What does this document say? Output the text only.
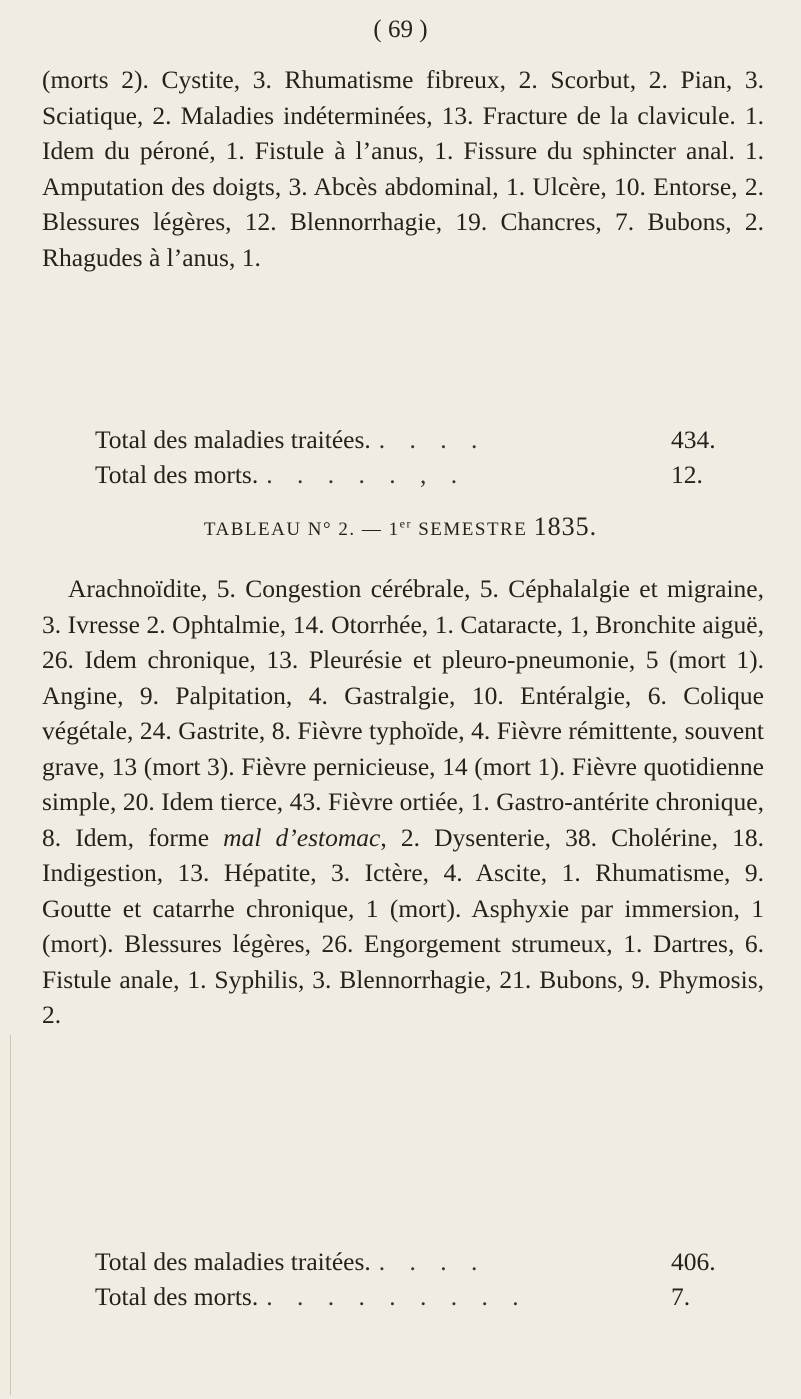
( 69 )
(morts 2). Cystite, 3. Rhumatisme fibreux, 2. Scorbut, 2. Pian, 3. Sciatique, 2. Maladies indéterminées, 13. Fracture de la clavicule. 1. Idem du péroné, 1. Fistule à l’anus, 1. Fissure du sphincter anal. 1. Amputation des doigts, 3. Abcès abdominal, 1. Ulcère, 10. Entorse, 2. Blessures légères, 12. Blennorrhagie, 19. Chancres, 7. Bubons, 2. Rhagudes à l’anus, 1.
Total des maladies traitées. . . . .	434.
Total des morts. . . . . . , .	12.
TABLEAU N° 2. — 1er SEMESTRE 1835.
Arachnoïdite, 5. Congestion cérébrale, 5. Céphalalgie et migraine, 3. Ivresse 2. Ophtalmie, 14. Otorrhée, 1. Cataracte, 1, Bronchite aiguë, 26. Idem chronique, 13. Pleurésie et pleuro-pneumonie, 5 (mort 1). Angine, 9. Palpitation, 4. Gastralgie, 10. Entéralgie, 6. Colique végétale, 24. Gastrite, 8. Fièvre typhoïde, 4. Fièvre rémittente, souvent grave, 13 (mort 3). Fièvre pernicieuse, 14 (mort 1). Fièvre quotidienne simple, 20. Idem tierce, 43. Fièvre ortiée, 1. Gastro-antérite chronique, 8. Idem, forme mal d’estomac, 2. Dysenterie, 38. Cholérine, 18. Indigestion, 13. Hépatite, 3. Ictère, 4. Ascite, 1. Rhumatisme, 9. Goutte et catarrhe chronique, 1 (mort). Asphyxie par immersion, 1 (mort). Blessures légères, 26. Engorgement strumeux, 1. Dartres, 6. Fistule anale, 1. Syphilis, 3. Blennorrhagie, 21. Bubons, 9. Phymosis, 2.
Total des maladies traitées. . . . .	406.
Total des morts. . . . . . . . . .	7.
